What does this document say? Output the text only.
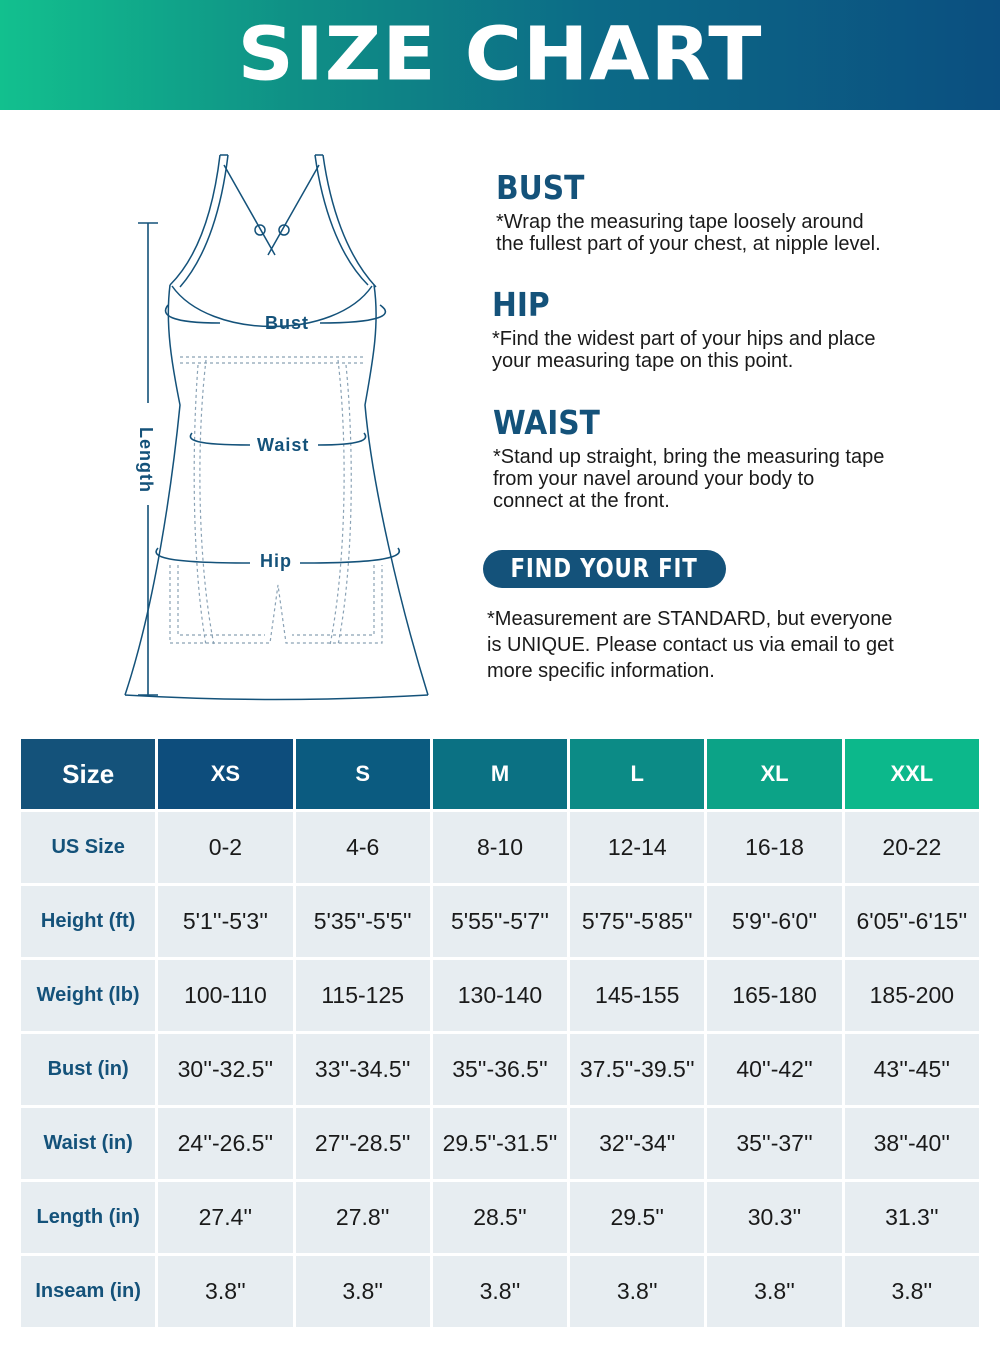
SIZE CHART
Bust
Waist
Hip
Length
BUST

*Wrap the measuring tape loosely around
the fullest part of your chest, at nipple level.

HIP

*Find the widest part of your hips and place
your measuring tape on this point.

WAIST

*Stand up straight, bring the measuring tape
from your navel around your body to
connect at the front.

FIND YOUR FIT

*Measurement are STANDARD, but everyone
is UNIQUE. Please contact us via email to get
more specific information.

Size	XS	S	M	L	XL	XXL
US Size	0-2	4-6	8-10	12-14	16-18	20-22
Height (ft)	5'1''-5'3''	5'35''-5'5''	5'55''-5'7''	5'75''-5'85''	5'9''-6'0''	6'05''-6'15''
Weight (lb)	100-110	115-125	130-140	145-155	165-180	185-200
Bust (in)	30''-32.5''	33''-34.5''	35''-36.5''	37.5''-39.5''	40''-42''	43''-45''
Waist (in)	24''-26.5''	27''-28.5''	29.5''-31.5''	32''-34''	35''-37''	38''-40''
Length (in)	27.4''	27.8''	28.5''	29.5''	30.3''	31.3''
Inseam (in)	3.8''	3.8''	3.8''	3.8''	3.8''	3.8''
